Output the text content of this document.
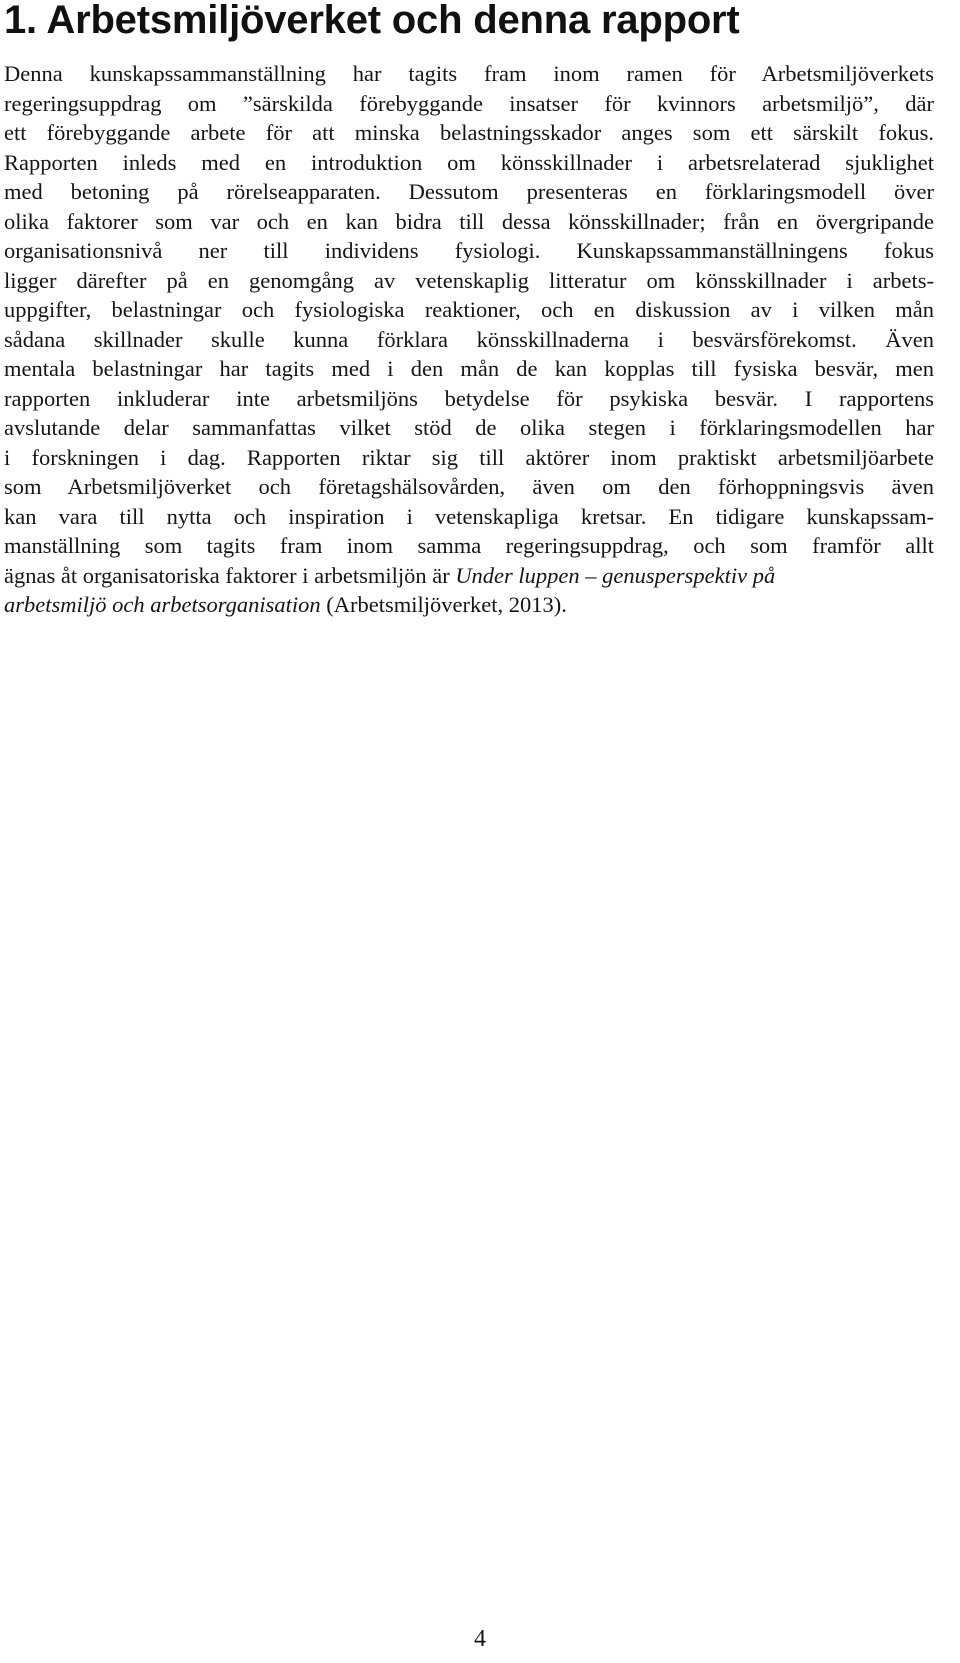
1. Arbetsmiljöverket och denna rapport
Denna kunskapssammanställning har tagits fram inom ramen för Arbetsmiljöverkets
regeringsuppdrag om ”särskilda förebyggande insatser för kvinnors arbetsmiljö”, där
ett förebyggande arbete för att minska belastningsskador anges som ett särskilt fokus.
Rapporten inleds med en introduktion om könsskillnader i arbetsrelaterad sjuklighet
med betoning på rörelseapparaten. Dessutom presenteras en förklaringsmodell över
olika faktorer som var och en kan bidra till dessa könsskillnader; från en övergripande
organisationsnivå ner till individens fysiologi. Kunskapssammanställningens fokus
ligger därefter på en genomgång av vetenskaplig litteratur om könsskillnader i arbets-
uppgifter, belastningar och fysiologiska reaktioner, och en diskussion av i vilken mån
sådana skillnader skulle kunna förklara könsskillnaderna i besvärsförekomst. Även
mentala belastningar har tagits med i den mån de kan kopplas till fysiska besvär, men
rapporten inkluderar inte arbetsmiljöns betydelse för psykiska besvär. I rapportens
avslutande delar sammanfattas vilket stöd de olika stegen i förklaringsmodellen har
i forskningen i dag. Rapporten riktar sig till aktörer inom praktiskt arbetsmiljöarbete
som Arbetsmiljöverket och företagshälsovården, även om den förhoppningsvis även
kan vara till nytta och inspiration i vetenskapliga kretsar. En tidigare kunskapssam-
manställning som tagits fram inom samma regeringsuppdrag, och som framför allt
ägnas åt organisatoriska faktorer i arbetsmiljön är Under luppen – genusperspektiv på
arbetsmiljö och arbetsorganisation (Arbetsmiljöverket, 2013).
4
